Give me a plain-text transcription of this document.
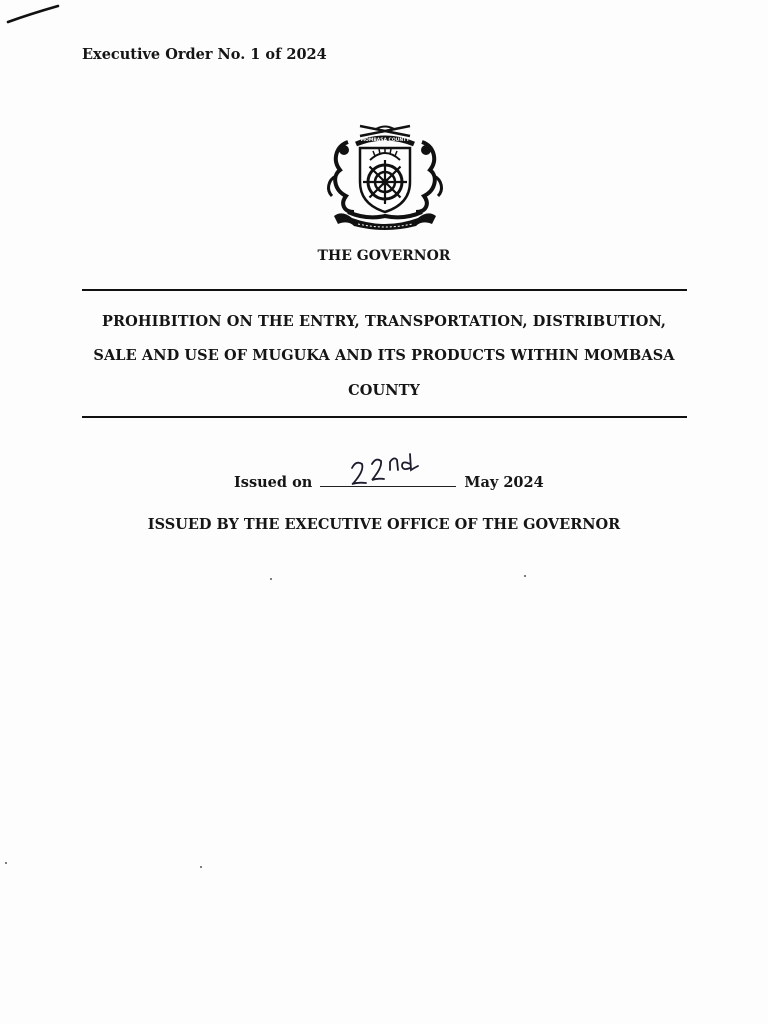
Executive Order No. 1 of 2024
MOMBASA COUNTY
THE GOVERNOR
PROHIBITION ON THE ENTRY, TRANSPORTATION, DISTRIBUTION,
SALE AND USE OF MUGUKA AND ITS PRODUCTS WITHIN MOMBASA
COUNTY
Issued on	May 2024
ISSUED BY THE EXECUTIVE OFFICE OF THE GOVERNOR
